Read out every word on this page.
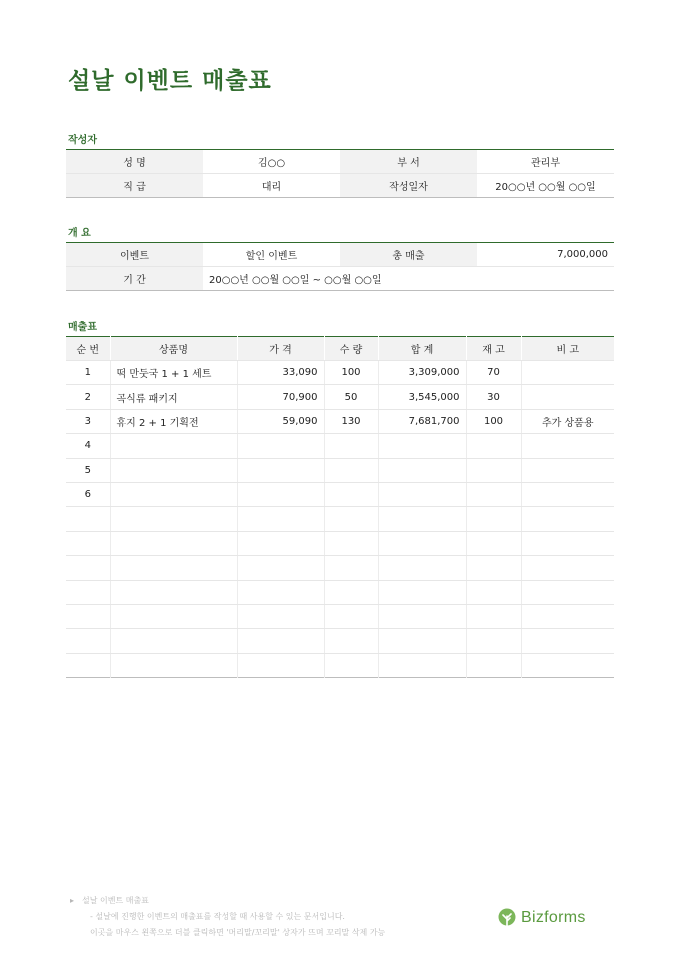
설날 이벤트 매출표
작성자
성 명	김○○	부 서	관리부
직 급	대리	작성일자	20○○년 ○○월 ○○일
개 요
이벤트	할인 이벤트	총 매출	7,000,000
기 간	20○○년 ○○월 ○○일 ~ ○○월 ○○일		
매출표
순 번	상품명	가 격	수 량	합 계	재 고	비 고
1	떡 만둣국 1 + 1 세트	33,090	100	3,309,000	70	
2	곡식류 패키지	70,900	50	3,545,000	30	
3	휴지 2 + 1 기획전	59,090	130	7,681,700	100	추가 상품용
4						
5						
6						

▸ 설날 이벤트 매출표
- 설날에 진행한 이벤트의 매출표를 작성할 때 사용할 수 있는 문서입니다.
이곳을 마우스 왼쪽으로 더블 클릭하면 '머리말/꼬리말' 상자가 뜨며 꼬리말 삭제 가능
Bizforms
